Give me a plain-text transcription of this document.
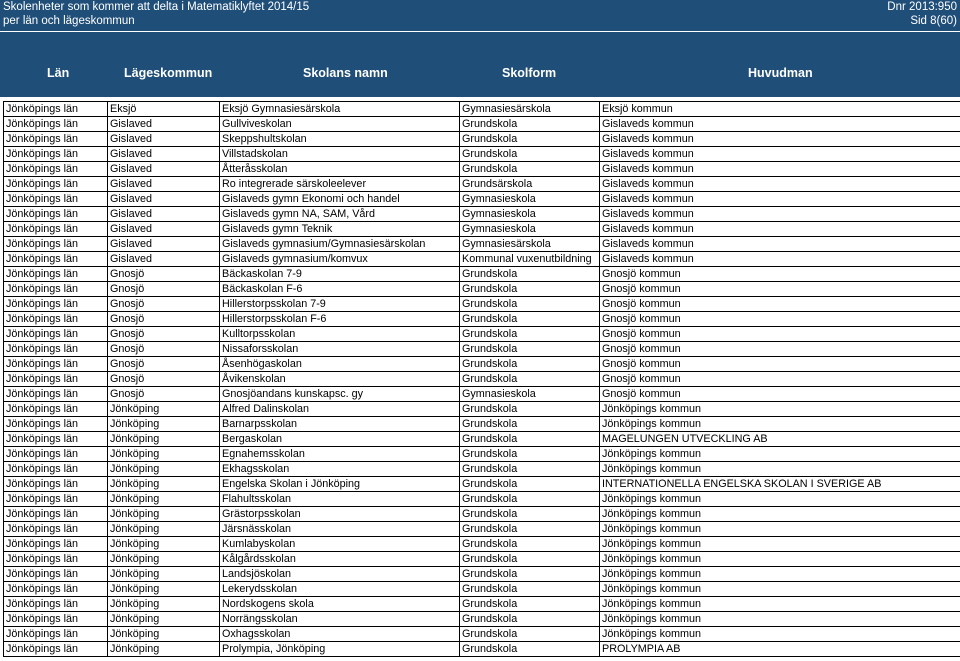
Skolenheter som kommer att delta i Matematiklyftet 2014/15
per län och lägeskommun
Dnr 2013:950
Sid 8(60)
Län	Lägeskommun	Skolans namn	Skolform	Huvudman
Jönköpings län	Eksjö	Eksjö Gymnasiesärskola	Gymnasiesärskola	Eksjö kommun
Jönköpings län	Gislaved	Gullviveskolan	Grundskola	Gislaveds kommun
Jönköpings län	Gislaved	Skeppshultskolan	Grundskola	Gislaveds kommun
Jönköpings län	Gislaved	Villstadskolan	Grundskola	Gislaveds kommun
Jönköpings län	Gislaved	Åtteråsskolan	Grundskola	Gislaveds kommun
Jönköpings län	Gislaved	Ro integrerade särskoleelever	Grundsärskola	Gislaveds kommun
Jönköpings län	Gislaved	Gislaveds gymn Ekonomi och handel	Gymnasieskola	Gislaveds kommun
Jönköpings län	Gislaved	Gislaveds gymn NA, SAM, Vård	Gymnasieskola	Gislaveds kommun
Jönköpings län	Gislaved	Gislaveds gymn Teknik	Gymnasieskola	Gislaveds kommun
Jönköpings län	Gislaved	Gislaveds gymnasium/Gymnasiesärskolan	Gymnasiesärskola	Gislaveds kommun
Jönköpings län	Gislaved	Gislaveds gymnasium/komvux	Kommunal vuxenutbildning	Gislaveds kommun
Jönköpings län	Gnosjö	Bäckaskolan 7-9	Grundskola	Gnosjö kommun
Jönköpings län	Gnosjö	Bäckaskolan F-6	Grundskola	Gnosjö kommun
Jönköpings län	Gnosjö	Hillerstorpsskolan 7-9	Grundskola	Gnosjö kommun
Jönköpings län	Gnosjö	Hillerstorpsskolan F-6	Grundskola	Gnosjö kommun
Jönköpings län	Gnosjö	Kulltorpsskolan	Grundskola	Gnosjö kommun
Jönköpings län	Gnosjö	Nissaforsskolan	Grundskola	Gnosjö kommun
Jönköpings län	Gnosjö	Åsenhögaskolan	Grundskola	Gnosjö kommun
Jönköpings län	Gnosjö	Åvikenskolan	Grundskola	Gnosjö kommun
Jönköpings län	Gnosjö	Gnosjöandans kunskapsc. gy	Gymnasieskola	Gnosjö kommun
Jönköpings län	Jönköping	Alfred Dalinskolan	Grundskola	Jönköpings kommun
Jönköpings län	Jönköping	Barnarpsskolan	Grundskola	Jönköpings kommun
Jönköpings län	Jönköping	Bergaskolan	Grundskola	MAGELUNGEN UTVECKLING AB
Jönköpings län	Jönköping	Egnahemsskolan	Grundskola	Jönköpings kommun
Jönköpings län	Jönköping	Ekhagsskolan	Grundskola	Jönköpings kommun
Jönköpings län	Jönköping	Engelska Skolan i Jönköping	Grundskola	INTERNATIONELLA ENGELSKA SKOLAN I SVERIGE AB
Jönköpings län	Jönköping	Flahultsskolan	Grundskola	Jönköpings kommun
Jönköpings län	Jönköping	Grästorpsskolan	Grundskola	Jönköpings kommun
Jönköpings län	Jönköping	Järsnässkolan	Grundskola	Jönköpings kommun
Jönköpings län	Jönköping	Kumlabyskolan	Grundskola	Jönköpings kommun
Jönköpings län	Jönköping	Kålgårdsskolan	Grundskola	Jönköpings kommun
Jönköpings län	Jönköping	Landsjöskolan	Grundskola	Jönköpings kommun
Jönköpings län	Jönköping	Lekerydsskolan	Grundskola	Jönköpings kommun
Jönköpings län	Jönköping	Nordskogens skola	Grundskola	Jönköpings kommun
Jönköpings län	Jönköping	Norrängsskolan	Grundskola	Jönköpings kommun
Jönköpings län	Jönköping	Oxhagsskolan	Grundskola	Jönköpings kommun
Jönköpings län	Jönköping	Prolympia, Jönköping	Grundskola	PROLYMPIA AB
